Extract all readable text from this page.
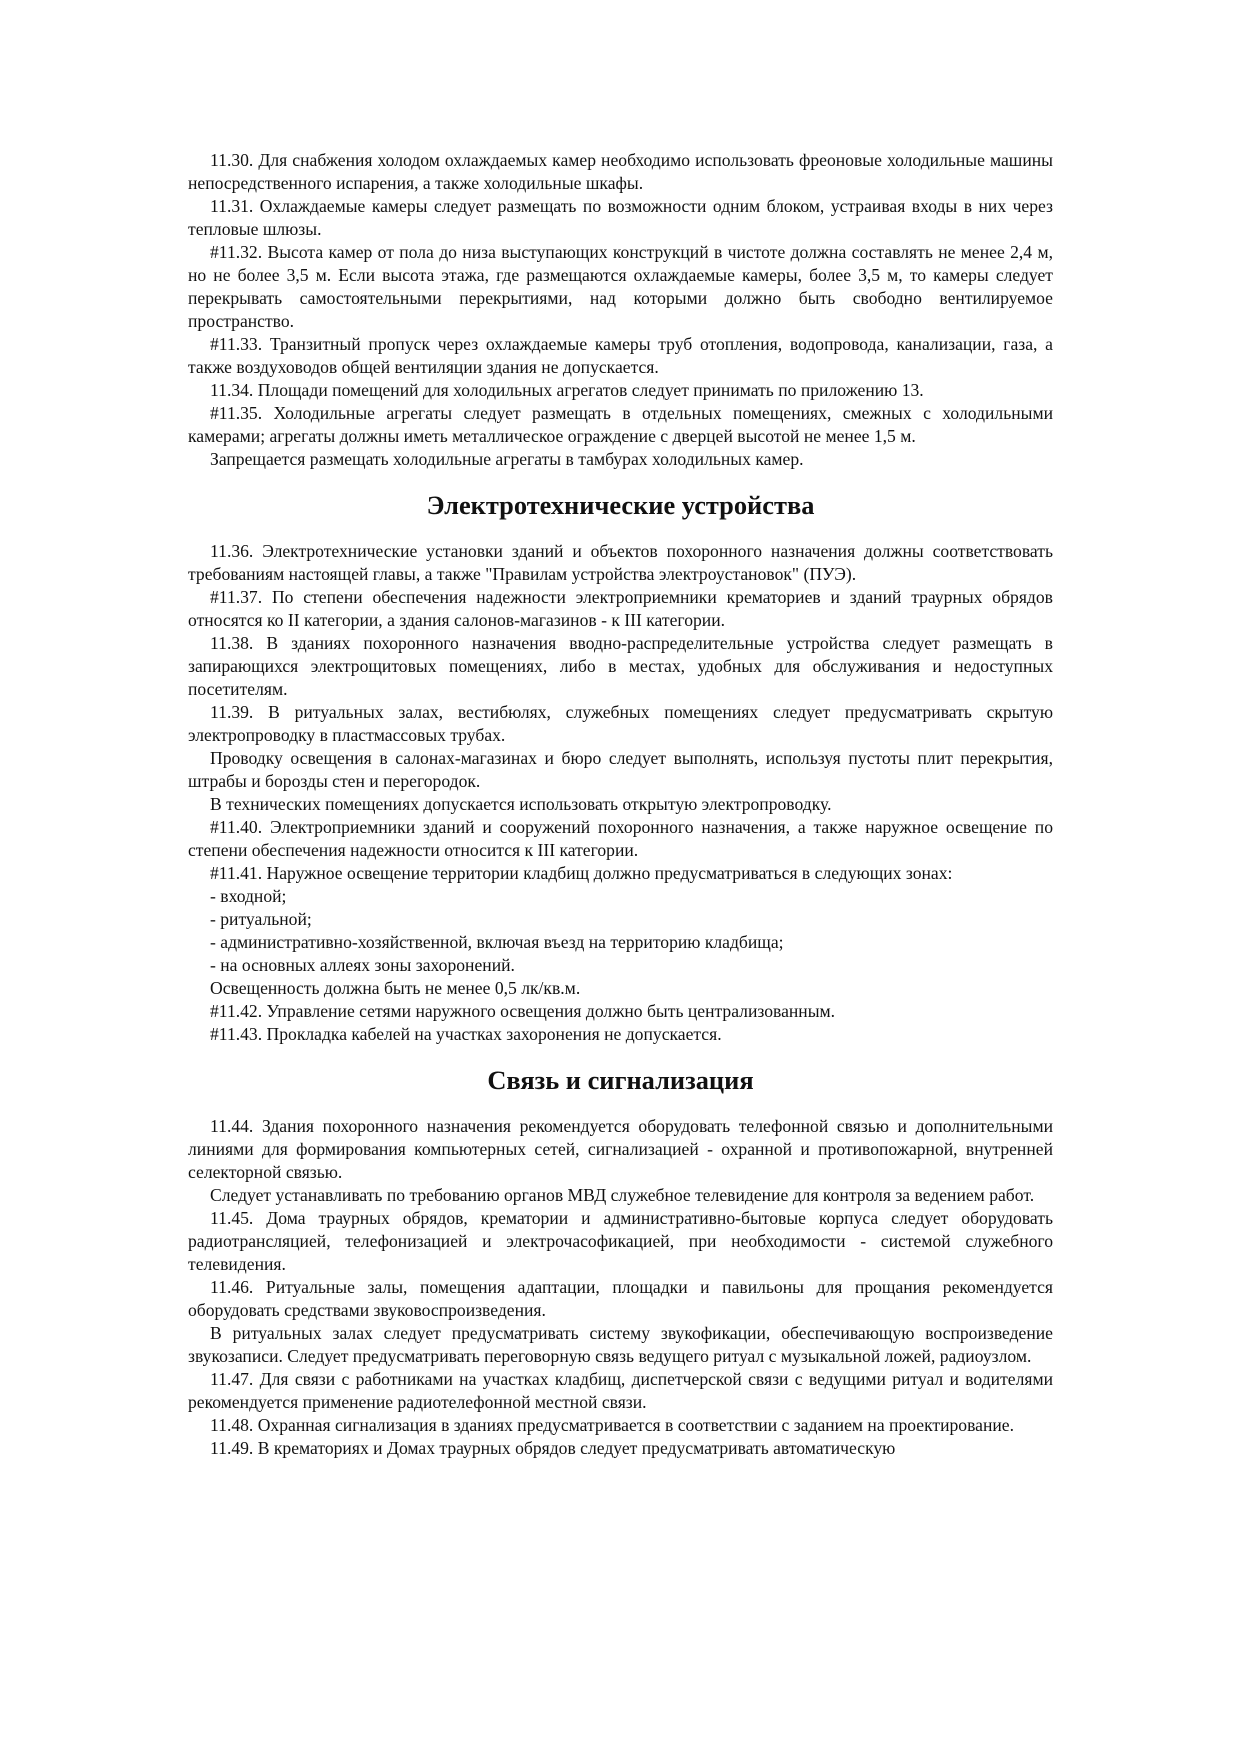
11.30. Для снабжения холодом охлаждаемых камер необходимо использовать фреоновые холодильные машины непосредственного испарения, а также холодильные шкафы.

11.31. Охлаждаемые камеры следует размещать по возможности одним блоком, устраивая входы в них через тепловые шлюзы.

#11.32. Высота камер от пола до низа выступающих конструкций в чистоте должна составлять не менее 2,4 м, но не более 3,5 м. Если высота этажа, где размещаются охлаждаемые камеры, более 3,5 м, то камеры следует перекрывать самостоятельными перекрытиями, над которыми должно быть свободно вентилируемое пространство.

#11.33. Транзитный пропуск через охлаждаемые камеры труб отопления, водопровода, канализации, газа, а также воздуховодов общей вентиляции здания не допускается.

11.34. Площади помещений для холодильных агрегатов следует принимать по приложению 13.

#11.35. Холодильные агрегаты следует размещать в отдельных помещениях, смежных с холодильными камерами; агрегаты должны иметь металлическое ограждение с дверцей высотой не менее 1,5 м.

Запрещается размещать холодильные агрегаты в тамбурах холодильных камер.

Электротехнические устройства

11.36. Электротехнические установки зданий и объектов похоронного назначения должны соответствовать требованиям настоящей главы, а также "Правилам устройства электроустановок" (ПУЭ).

#11.37. По степени обеспечения надежности электроприемники крематориев и зданий траурных обрядов относятся ко II категории, а здания салонов-магазинов - к III категории.

11.38. В зданиях похоронного назначения вводно-распределительные устройства следует размещать в запирающихся электрощитовых помещениях, либо в местах, удобных для обслуживания и недоступных посетителям.

11.39. В ритуальных залах, вестибюлях, служебных помещениях следует предусматривать скрытую электропроводку в пластмассовых трубах.

Проводку освещения в салонах-магазинах и бюро следует выполнять, используя пустоты плит перекрытия, штрабы и борозды стен и перегородок.

В технических помещениях допускается использовать открытую электропроводку.

#11.40. Электроприемники зданий и сооружений похоронного назначения, а также наружное освещение по степени обеспечения надежности относится к III категории.

#11.41. Наружное освещение территории кладбищ должно предусматриваться в следующих зонах:

- входной;

- ритуальной;

- административно-хозяйственной, включая въезд на территорию кладбища;

- на основных аллеях зоны захоронений.

Освещенность должна быть не менее 0,5 лк/кв.м.

#11.42. Управление сетями наружного освещения должно быть централизованным.

#11.43. Прокладка кабелей на участках захоронения не допускается.

Связь и сигнализация

11.44. Здания похоронного назначения рекомендуется оборудовать телефонной связью и дополнительными линиями для формирования компьютерных сетей, сигнализацией - охранной и противопожарной, внутренней селекторной связью.

Следует устанавливать по требованию органов МВД служебное телевидение для контроля за ведением работ.

11.45. Дома траурных обрядов, крематории и административно-бытовые корпуса следует оборудовать радиотрансляцией, телефонизацией и электрочасофикацией, при необходимости - системой служебного телевидения.

11.46. Ритуальные залы, помещения адаптации, площадки и павильоны для прощания рекомендуется оборудовать средствами звуковоспроизведения.

В ритуальных залах следует предусматривать систему звукофикации, обеспечивающую воспроизведение звукозаписи. Следует предусматривать переговорную связь ведущего ритуал с музыкальной ложей, радиоузлом.

11.47. Для связи с работниками на участках кладбищ, диспетчерской связи с ведущими ритуал и водителями рекомендуется применение радиотелефонной местной связи.

11.48. Охранная сигнализация в зданиях предусматривается в соответствии с заданием на проектирование.

11.49. В крематориях и Домах траурных обрядов следует предусматривать автоматическую
